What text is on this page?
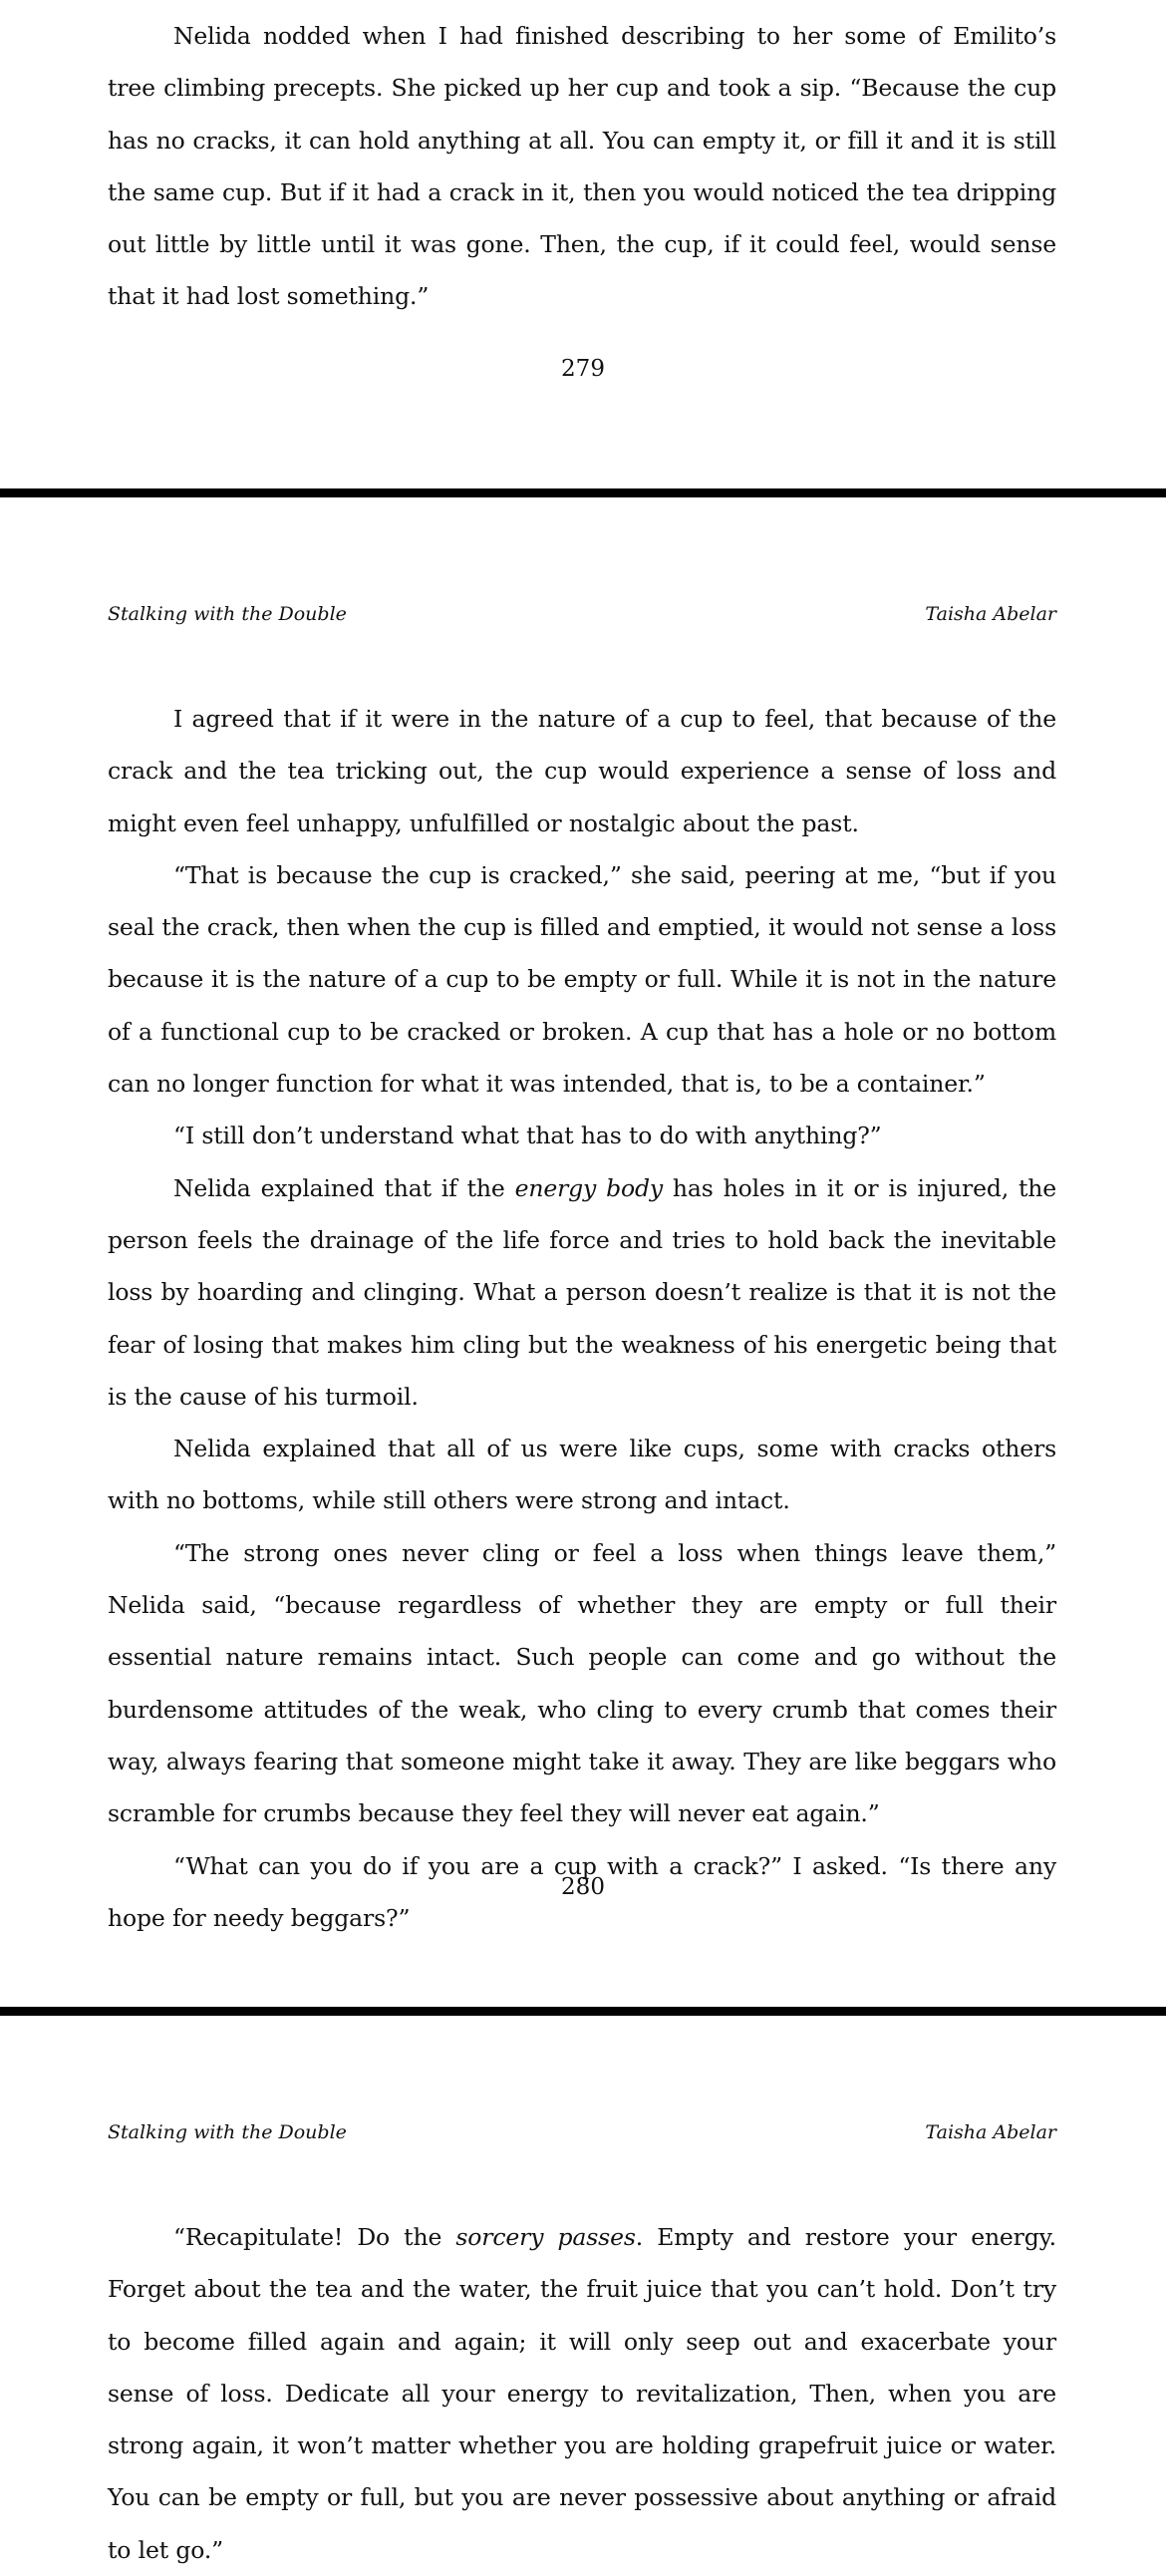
Nelida nodded when I had finished describing to her some of Emilito’s tree climbing precepts. She picked up her cup and took a sip. “Because the cup has no cracks, it can hold anything at all. You can empty it, or fill it and it is still the same cup. But if it had a crack in it, then you would noticed the tea dripping out little by little until it was gone. Then, the cup, if it could feel, would sense that it had lost something.”

279
Stalking with the Double	Taisha Abelar

I agreed that if it were in the nature of a cup to feel, that because of the crack and the tea tricking out, the cup would experience a sense of loss and might even feel unhappy, unfulfilled or nostalgic about the past.

“That is because the cup is cracked,” she said, peering at me, “but if you seal the crack, then when the cup is filled and emptied, it would not sense a loss because it is the nature of a cup to be empty or full. While it is not in the nature of a functional cup to be cracked or broken. A cup that has a hole or no bottom can no longer function for what it was intended, that is, to be a container.”

“I still don’t understand what that has to do with anything?”

Nelida explained that if the energy body has holes in it or is injured, the person feels the drainage of the life force and tries to hold back the inevitable loss by hoarding and clinging. What a person doesn’t realize is that it is not the fear of losing that makes him cling but the weakness of his energetic being that is the cause of his turmoil.

Nelida explained that all of us were like cups, some with cracks others with no bottoms, while still others were strong and intact.

“The strong ones never cling or feel a loss when things leave them,” Nelida said, “because regardless of whether they are empty or full their essential nature remains intact. Such people can come and go without the burdensome attitudes of the weak, who cling to every crumb that comes their way, always fearing that someone might take it away. They are like beggars who scramble for crumbs because they feel they will never eat again.”

“What can you do if you are a cup with a crack?” I asked. “Is there any hope for needy beggars?”

280
Stalking with the Double	Taisha Abelar

“Recapitulate! Do the sorcery passes. Empty and restore your energy. Forget about the tea and the water, the fruit juice that you can’t hold. Don’t try to become filled again and again; it will only seep out and exacerbate your sense of loss. Dedicate all your energy to revitalization, Then, when you are strong again, it won’t matter whether you are holding grapefruit juice or water. You can be empty or full, but you are never possessive about anything or afraid to let go.”
